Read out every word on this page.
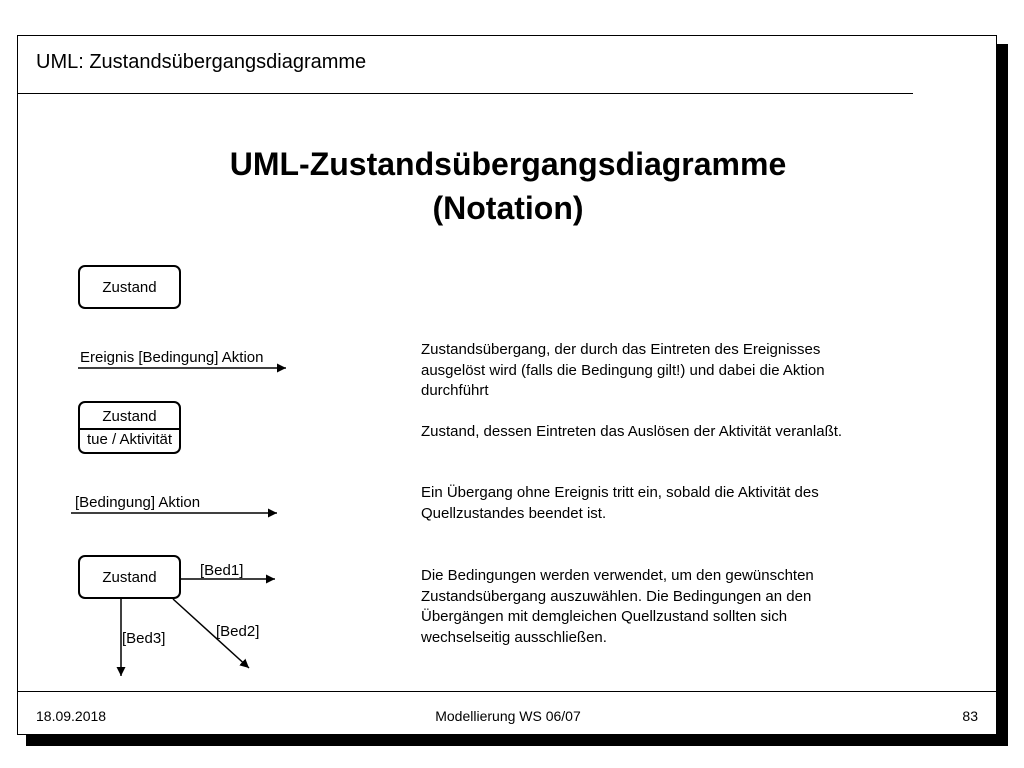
UML: Zustandsübergangsdiagramme
UML-Zustandsübergangsdiagramme
(Notation)
Zustand
Ereignis [Bedingung] Aktion
Zustand
tue / Aktivität
[Bedingung] Aktion
Zustand	[Bed1]
[Bed2]
[Bed3]
Zustandsübergang, der durch das Eintreten des Ereignisses
ausgelöst wird (falls die Bedingung gilt!) und dabei die Aktion
durchführt
Zustand, dessen Eintreten das Auslösen der Aktivität veranlaßt.
Ein Übergang ohne Ereignis tritt ein, sobald die Aktivität des
Quellzustandes beendet ist.
Die Bedingungen werden verwendet, um den gewünschten
Zustandsübergang auszuwählen. Die Bedingungen an den
Übergängen mit demgleichen Quellzustand sollten sich
wechselseitig ausschließen.
18.09.2018	Modellierung WS 06/07	83
